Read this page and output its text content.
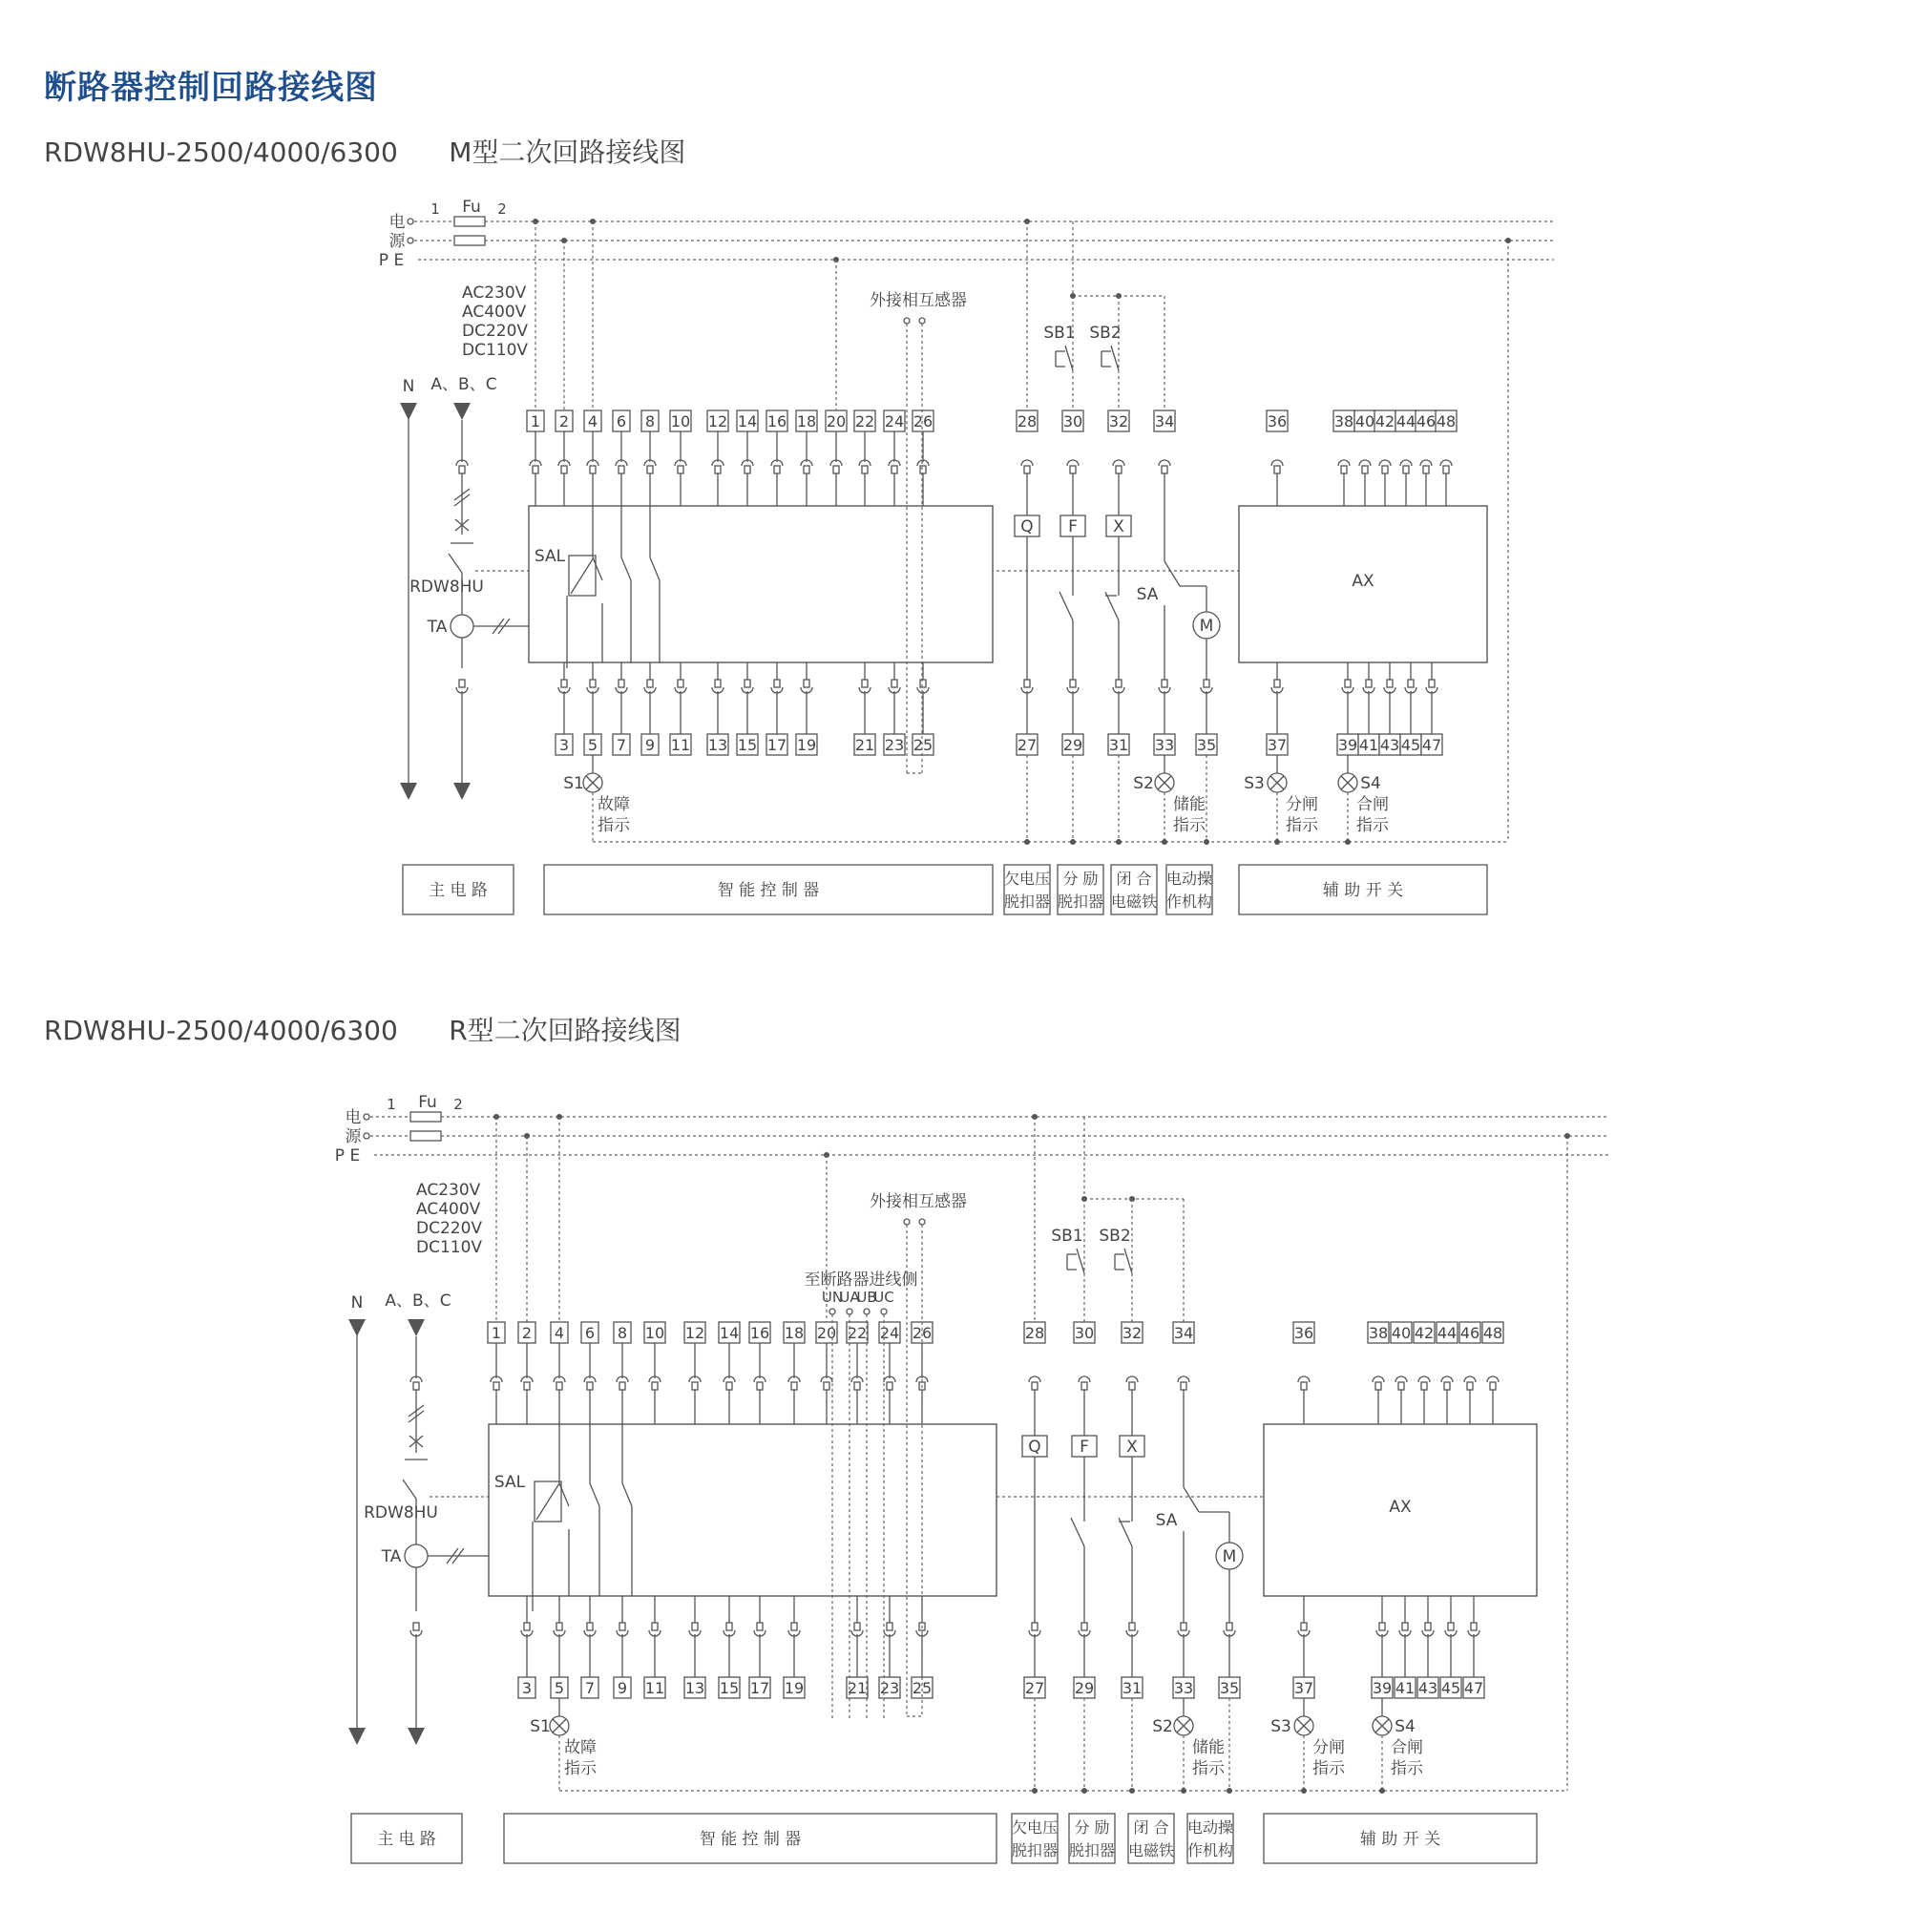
断路器控制回路接线图
RDW8HU-2500/4000/6300      M型二次回路接线图
RDW8HU-2500/4000/6300      R型二次回路接线图
电
源
P E
1 Fu 2
AC230V
AC400V
DC220V
DC110V
N A、B、C
RDW8HU
TA
SAL
1 2 4 6 8 10 12 14 16 18 20 22 24 26
3 5 7 9 11 13 15 17 19	21 23 25
外接相互感器
S1
故障
指示
28 30 32 34
27 29 31 33 35
Q F X
SA
M
SB1 SB2
S2
储能
指示
AX
36	38 40 42 44 46 48
37	39 41 43 45 47
S3
分闸
指示
S4
合闸
指示
主 电 路	智 能 控 制 器
欠电压
脱扣器
分 励
脱扣器
闭 合
电磁铁
电动操
作机构
辅 助 开 关
电
源
P E
1 Fu 2
AC230V
AC400V
DC220V
DC110V
N A、B、C
RDW8HU
TA
SAL
1 2 4 6 8 10 12 14 16 18 20 22 24 26
3 5 7 9 11 13 15 17 19	21 23 25
外接相互感器
至断路器进线侧
UN
UA
UB
UC
S1
故障
指示
28 30 32 34
27 29 31 33 35
Q F X
SA
M
SB1 SB2
S2
储能
指示
AX
36	38 40 42 44 46 48
37	39 41 43 45 47
S3
分闸
指示
S4
合闸
指示
主 电 路	智 能 控 制 器
欠电压
脱扣器
分 励
脱扣器
闭 合
电磁铁
电动操
作机构
辅 助 开 关
